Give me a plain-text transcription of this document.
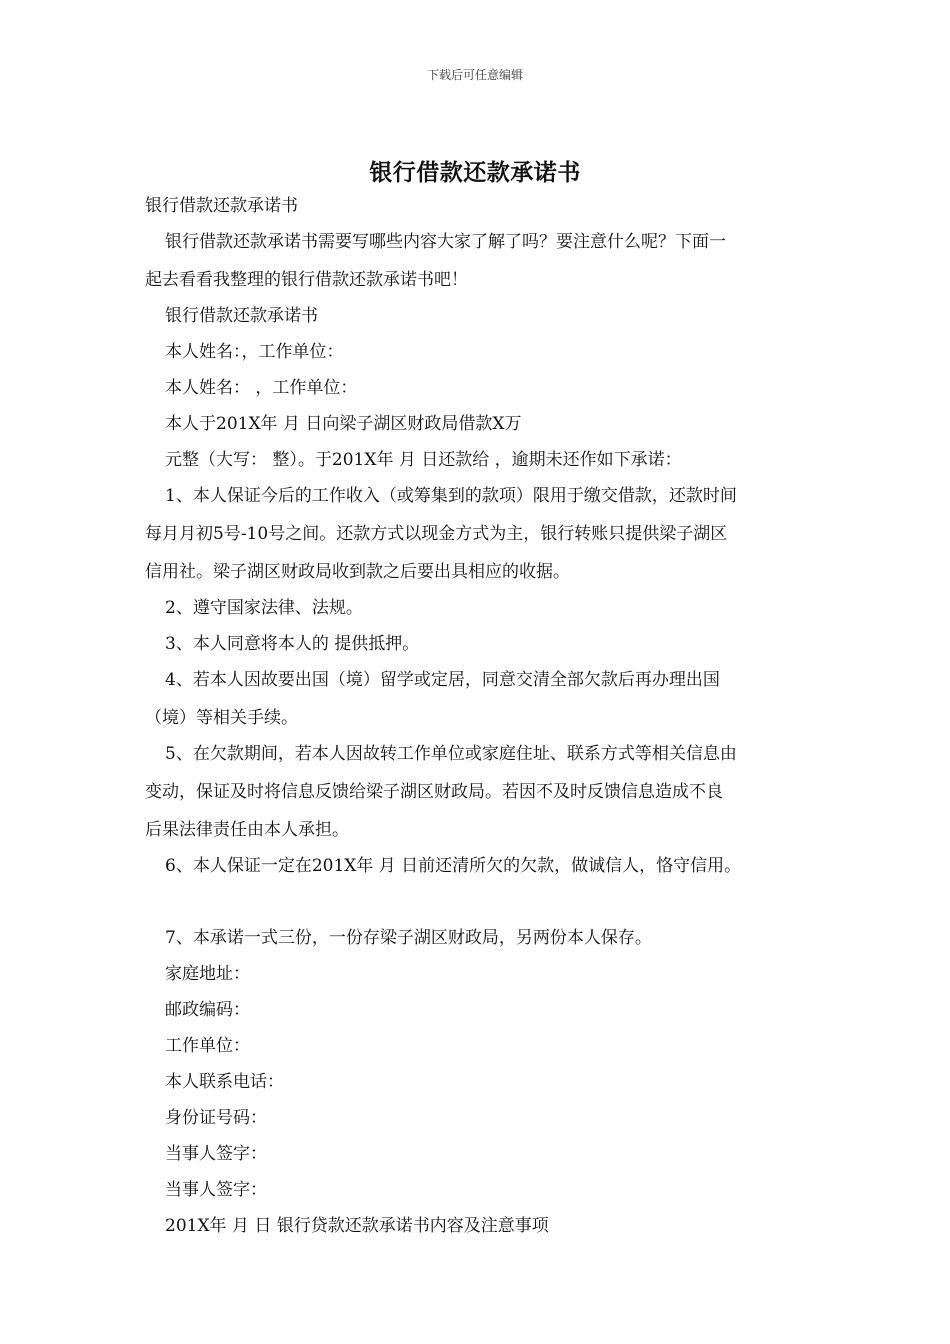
下载后可任意编辑
银行借款还款承诺书
银行借款还款承诺书
银行借款还款承诺书需要写哪些内容大家了解了吗？要注意什么呢？下面一
起去看看我整理的银行借款还款承诺书吧！
银行借款还款承诺书
本人姓名：，工作单位：
本人姓名： ，工作单位：
本人于201X年 月 日向梁子湖区财政局借款X万
元整（大写： 整）。于201X年 月 日还款给 ，逾期未还作如下承诺：
1、本人保证今后的工作收入（或筹集到的款项）限用于缴交借款，还款时间
每月月初5号-10号之间。还款方式以现金方式为主，银行转账只提供梁子湖区
信用社。梁子湖区财政局收到款之后要出具相应的收据。
2、遵守国家法律、法规。
3、本人同意将本人的 提供抵押。
4、若本人因故要出国（境）留学或定居，同意交清全部欠款后再办理出国
（境）等相关手续。
5、在欠款期间，若本人因故转工作单位或家庭住址、联系方式等相关信息由
变动，保证及时将信息反馈给梁子湖区财政局。若因不及时反馈信息造成不良
后果法律责任由本人承担。
6、本人保证一定在201X年 月 日前还清所欠的欠款，做诚信人，恪守信用。
7、本承诺一式三份，一份存梁子湖区财政局，另两份本人保存。
家庭地址：
邮政编码：
工作单位：
本人联系电话：
身份证号码：
当事人签字：
当事人签字：
201X年 月 日 银行贷款还款承诺书内容及注意事项
